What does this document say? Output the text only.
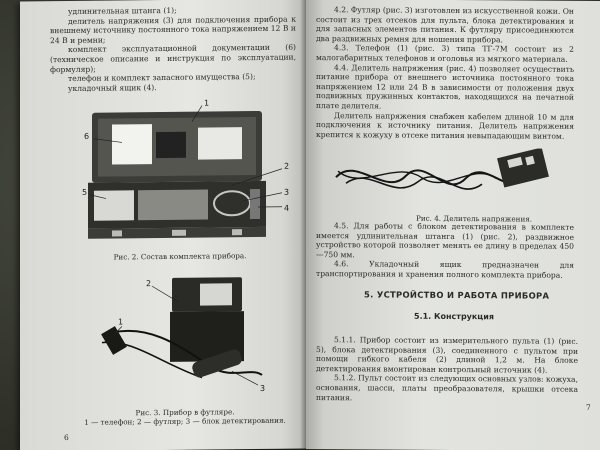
удлинительная штанга (1);

делитель напряжения (3) для подключения прибора к внешнему источнику постоянного тока напряжением 12 В и 24 В и ремни;

комплект эксплуатационной документации (6) (техническое описание и инструкция по эксплуатации, формуляр);

телефон и комплект запасного имущества (5);

укладочный ящик (4).

1
6
2
5	3
4
Рис. 2. Состав комплекта прибора.
2
1
3
Рис. 3. Прибор в футляре.
1 — телефон; 2 — футляр; 3 — блок детектирования.
6

4.2. Футляр (рис. 3) изготовлен из искусственной кожи. Он состоит из трех отсеков для пульта, блока детектирования и для запасных элементов питания. К футляру присоединяются два раздвижных ремня для ношения прибора.

4.3. Телефон (1) (рис. 3) типа ТГ-7М состоит из 2 малогабаритных телефонов и оголовья из мягкого материала.

4.4. Делитель напряжения (рис. 4) позволяет осуществить питание прибора от внешнего источника постоянного тока напряжением 12 или 24 В в зависимости от положения двух подвижных пружинных контактов, находящихся на печатной плате делителя.

Делитель напряжения снабжен кабелем длиной 10 м для подключения к источнику питания. Делитель напряжения крепится к кожуху в отсеке питания невыпадающим винтом.

Рис. 4. Делитель напряжения.

4.5. Для работы с блоком детектирования в комплекте имеется удлинительная штанга (1) (рис. 2), раздвижное устройство которой позволяет менять ее длину в пределах 450—750 мм.

4.6. Укладочный ящик предназначен для транспортирования и хранения полного комплекта прибора.

5. УСТРОЙСТВО И РАБОТА ПРИБОРА
5.1. Конструкция

5.1.1. Прибор состоит из измерительного пульта (1) (рис. 5), блока детектирования (3), соединенного с пультом при помощи гибкого кабеля (2) длиной 1,2 м. На блоке детектирования вмонтирован контрольный источник (4).

5.1.2. Пульт состоит из следующих основных узлов: кожуха, основания, шасси, платы преобразователя, крышки отсека питания.

7
